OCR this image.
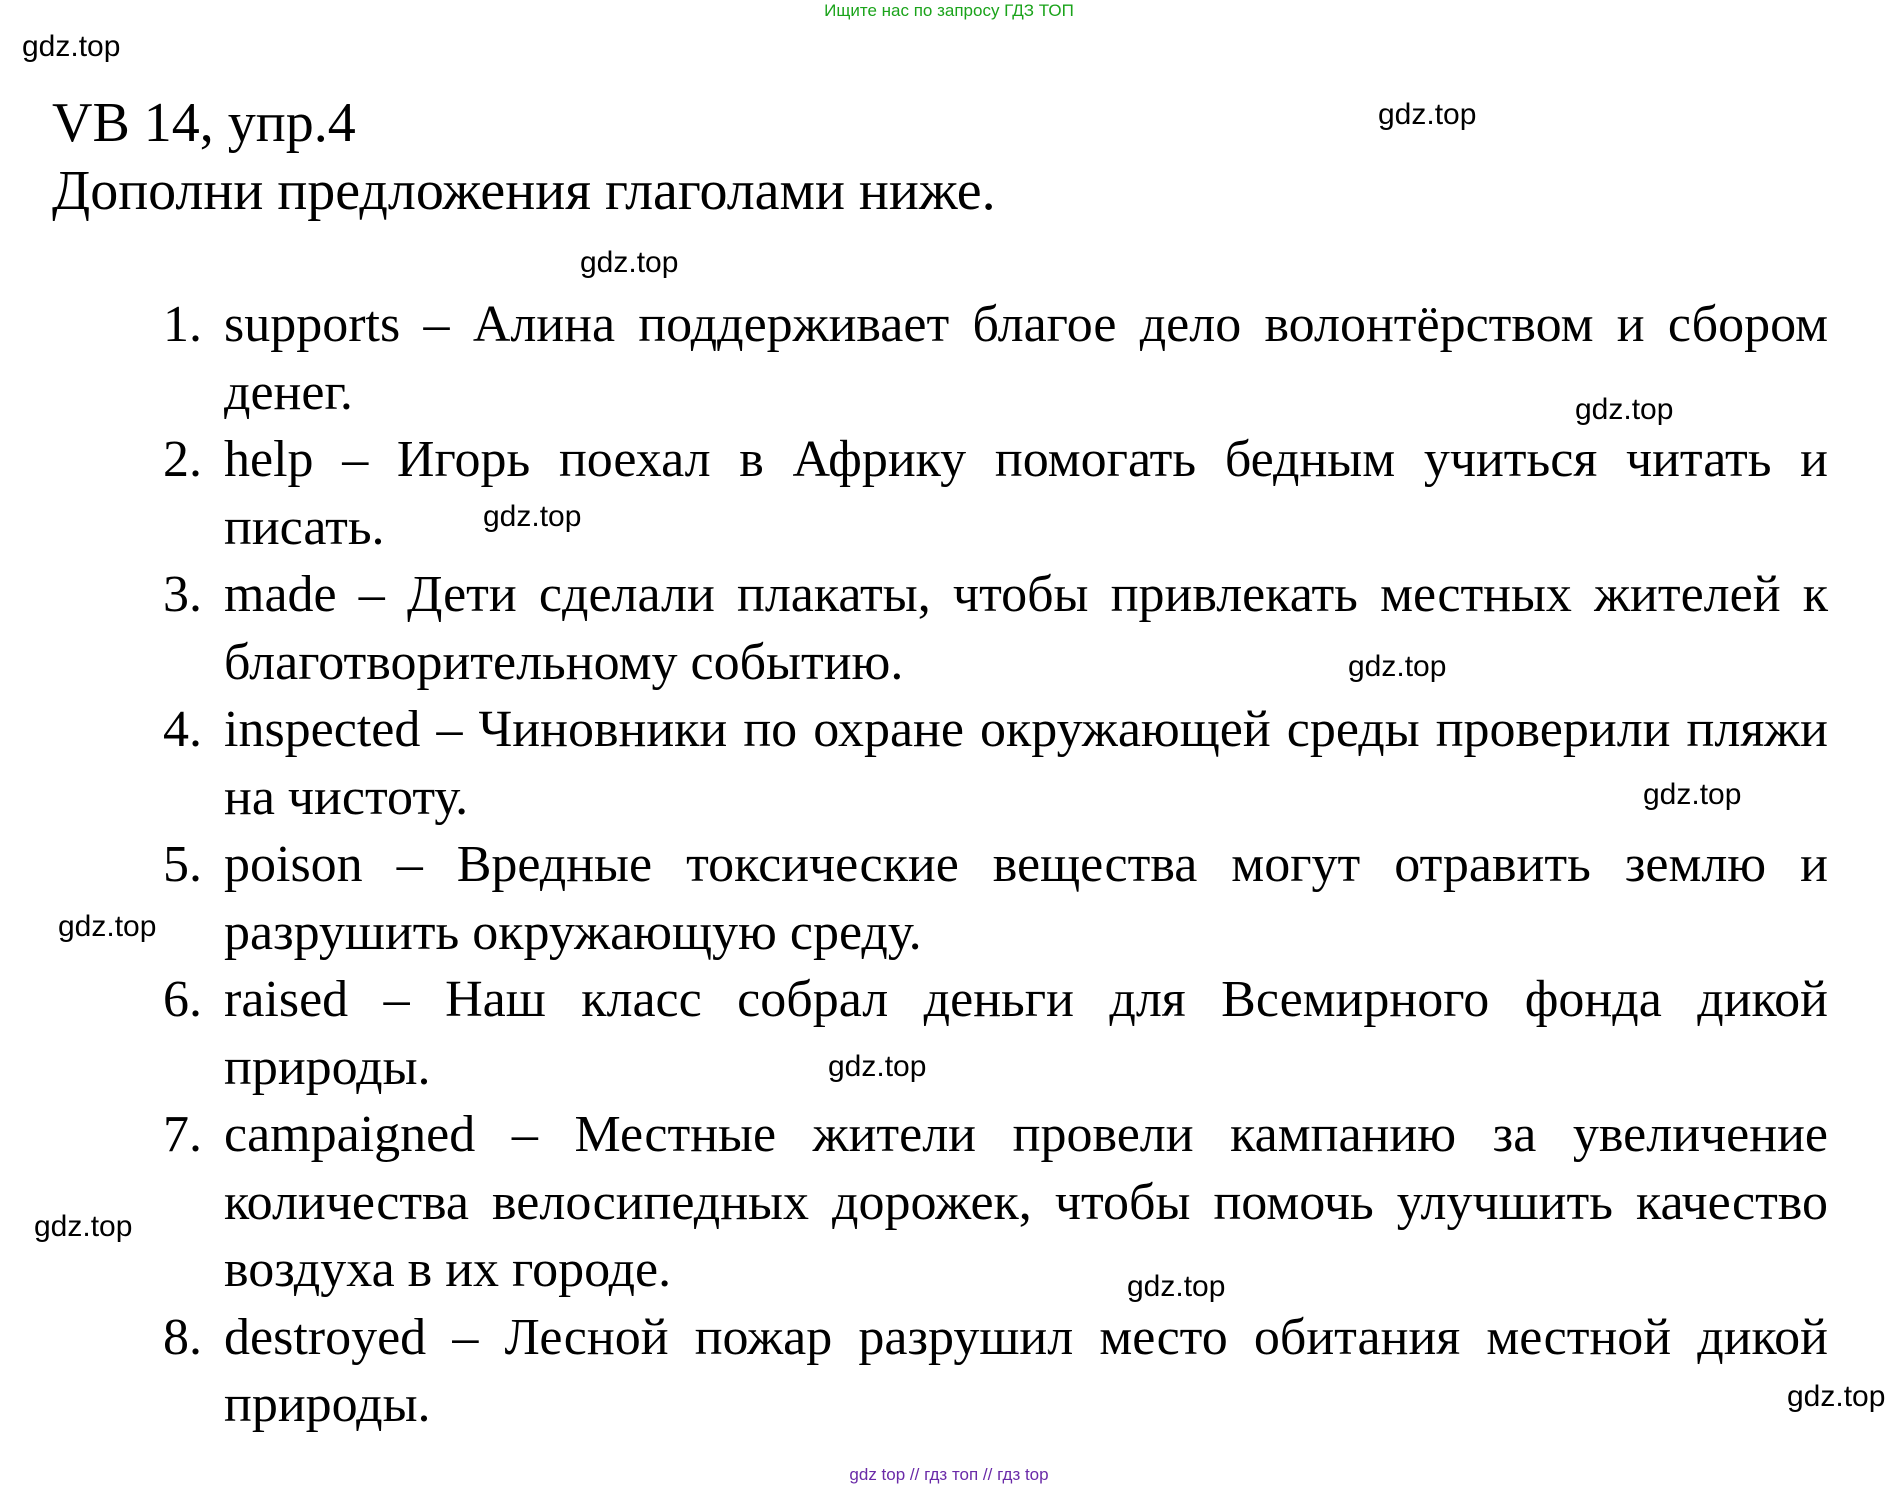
Ищите нас по запросу ГДЗ ТОП
gdz.top
gdz.top
gdz.top
gdz.top
gdz.top
gdz.top
gdz.top
gdz.top
gdz.top
gdz.top
gdz.top
gdz.top
VB 14, упр.4
Дополни предложения глаголами ниже.
1. supports – Алина поддерживает благое дело волонтёрством и сбором денег.
2. help – Игорь поехал в Африку помогать бедным учиться читать и писать.
3. made – Дети сделали плакаты, чтобы привлекать местных жителей к благотворительному событию.
4. inspected – Чиновники по охране окружающей среды проверили пляжи на чистоту.
5. poison – Вредные токсические вещества могут отравить землю и разрушить окружающую среду.
6. raised – Наш класс собрал деньги для Всемирного фонда дикой природы.
7. campaigned – Местные жители провели кампанию за увеличение количества велосипедных дорожек, чтобы помочь улучшить качество воздуха в их городе.
8. destroyed – Лесной пожар разрушил место обитания местной дикой природы.
gdz top // гдз топ // гдз top
